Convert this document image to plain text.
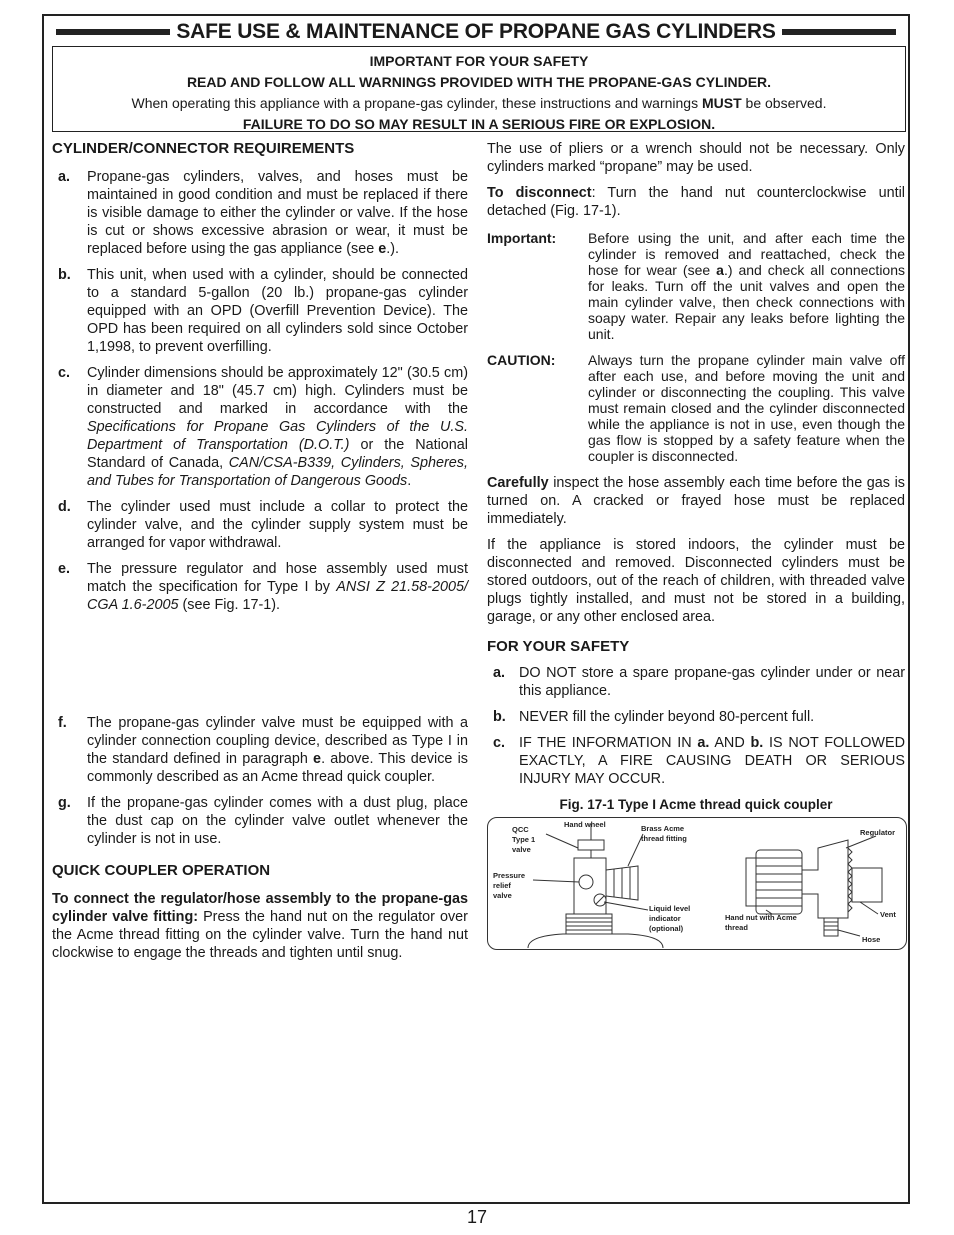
SAFE USE & MAINTENANCE OF PROPANE GAS CYLINDERS
IMPORTANT FOR YOUR SAFETY
READ AND FOLLOW ALL WARNINGS PROVIDED WITH THE PROPANE-GAS CYLINDER.
When operating this appliance with a propane-gas cylinder, these instructions and warnings MUST be observed.
FAILURE TO DO SO MAY RESULT IN A SERIOUS FIRE OR EXPLOSION.
CYLINDER/CONNECTOR REQUIREMENTS
a. Propane-gas cylinders, valves, and hoses must be maintained in good condition and must be replaced if there is visible damage to either the cylinder or valve. If the hose is cut or shows excessive abrasion or wear, it must be replaced before using the gas appliance (see e.).
b. This unit, when used with a cylinder, should be connected to a standard 5-gallon (20 lb.) propane-gas cylinder equipped with an OPD (Overfill Prevention Device). The OPD has been required on all cylinders sold since October 1,1998, to prevent overfilling.
c. Cylinder dimensions should be approximately 12" (30.5 cm) in diameter and 18" (45.7 cm) high. Cylinders must be constructed and marked in accordance with the Specifications for Propane Gas Cylinders of the U.S. Department of Transportation (D.O.T.) or the National Standard of Canada, CAN/CSA-B339, Cylinders, Spheres, and Tubes for Transportation of Dangerous Goods.
d. The cylinder used must include a collar to protect the cylinder valve, and the cylinder supply system must be arranged for vapor withdrawal.
e. The pressure regulator and hose assembly used must match the specification for Type I by ANSI Z 21.58-2005/ CGA 1.6-2005 (see Fig. 17-1).
f. The propane-gas cylinder valve must be equipped with a cylinder connection coupling device, described as Type I in the standard defined in paragraph e. above. This device is commonly described as an Acme thread quick coupler.
g. If the propane-gas cylinder comes with a dust plug, place the dust cap on the cylinder valve outlet whenever the cylinder is not in use.
QUICK COUPLER OPERATION

To connect the regulator/hose assembly to the propane-gas cylinder valve fitting: Press the hand nut on the regulator over the Acme thread fitting on the cylinder valve. Turn the hand nut clockwise to engage the threads and tighten until snug.

The use of pliers or a wrench should not be necessary. Only cylinders marked “propane” may be used.

To disconnect: Turn the hand nut counterclockwise until detached (Fig. 17-1).

Important: Before using the unit, and after each time the cylinder is removed and reattached, check the hose for wear (see a.) and check all connections for leaks. Turn off the unit valves and open the main cylinder valve, then check connections with soapy water. Repair any leaks before lighting the unit.
CAUTION: Always turn the propane cylinder main valve off after each use, and before moving the unit and cylinder or disconnecting the coupling. This valve must remain closed and the cylinder disconnected while the appliance is not in use, even though the gas flow is stopped by a safety feature when the coupler is disconnected.

Carefully inspect the hose assembly each time before the gas is turned on. A cracked or frayed hose must be replaced immediately.

If the appliance is stored indoors, the cylinder must be disconnected and removed. Disconnected cylinders must be stored outdoors, out of the reach of children, with threaded valve plugs tightly installed, and must not be stored in a building, garage, or any other enclosed area.

FOR YOUR SAFETY
a. DO NOT store a spare propane-gas cylinder under or near this appliance.
b. NEVER fill the cylinder beyond 80-percent full.
c. IF THE INFORMATION IN a. AND b. IS NOT FOLLOWED EXACTLY, A FIRE CAUSING DEATH OR SERIOUS INJURY MAY OCCUR.
Fig. 17-1 Type I Acme thread quick coupler
Hand wheel
QCC
Type 1
valve
Brass Acme
thread fitting
Pressure
relief
valve
Liquid level
indicator
(optional)
Hand nut with Acme
thread
Regulator
Vent
Hose
17
